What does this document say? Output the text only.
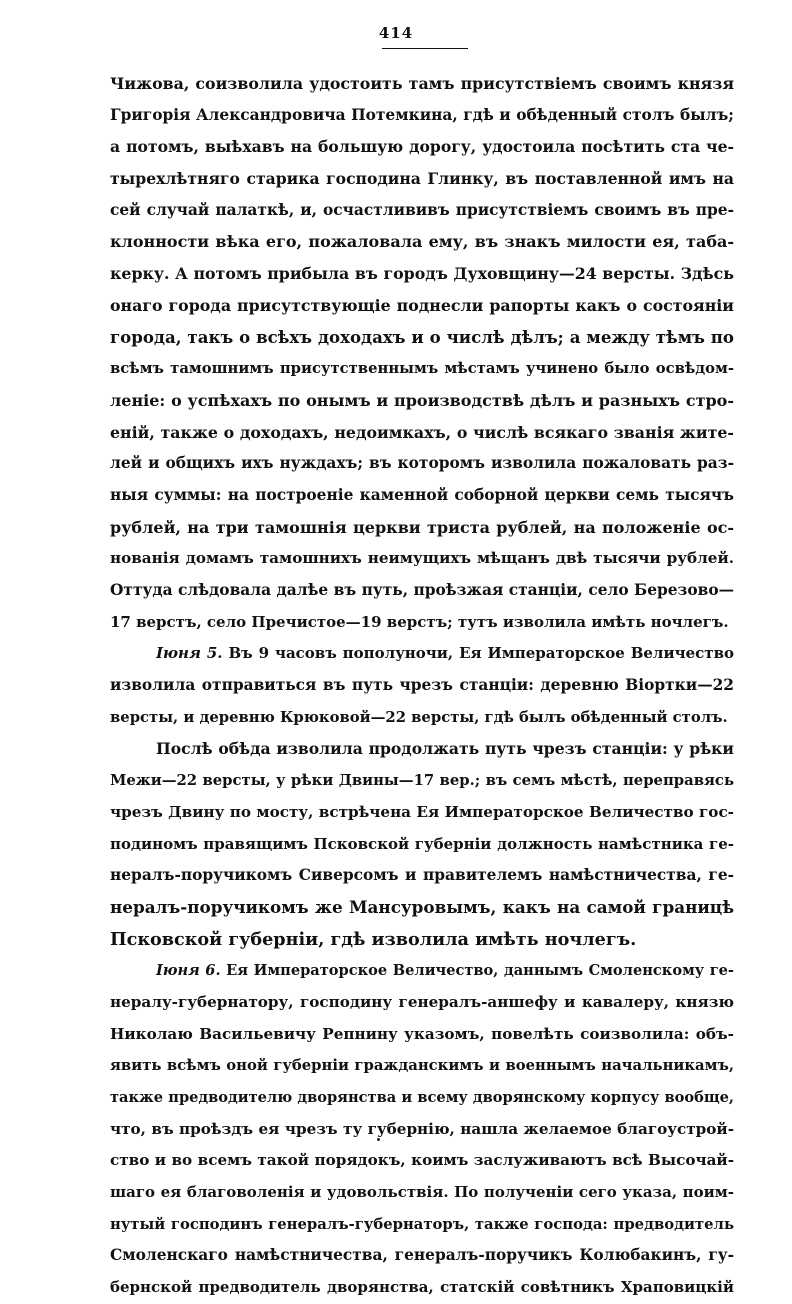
414
Чижова, соизволила удостоить тамъ присутствiемъ своимъ князя
Григорiя Александровича Потемкина, гдѣ и обѣденный столъ былъ;
а потомъ, выѣхавъ на большую дорогу, удостоила посѣтить ста че-
тырехлѣтняго старика господина Глинку, въ поставленной имъ на
сей случай палаткѣ, и, осчастлививъ присутствiемъ своимъ въ пре-
клонности вѣка его, пожаловала ему, въ знакъ милости ея, таба-
керку. А потомъ прибыла въ городъ Духовщину—24 версты. Здѣсь
онаго города присутствующiе поднесли рапорты какъ о состоянiи
города, такъ о всѣхъ доходахъ и о числѣ дѣлъ; а между тѣмъ по
всѣмъ тамошнимъ присутственнымъ мѣстамъ учинено было освѣдом-
ленiе: о успѣхахъ по онымъ и производствѣ дѣлъ и разныхъ стро-
енiй, также о доходахъ, недоимкахъ, о числѣ всякаго званiя жите-
лей и общихъ ихъ нуждахъ; въ которомъ изволила пожаловать раз-
ныя суммы: на построенiе каменной соборной церкви семь тысячъ
рублей, на три тамошнiя церкви триста рублей, на положенiе ос-
нованiя домамъ тамошнихъ неимущихъ мѣщанъ двѣ тысячи рублей.
Оттуда слѣдовала далѣе въ путь, проѣзжая станцiи, село Березово—
17 верстъ, село Пречистое—19 верстъ; тутъ изволила имѣть ночлегъ.
Iюня 5. Въ 9 часовъ пополуночи, Ея Императорское Величество
изволила отправиться въ путь чрезъ станцiи: деревню Вiортки—22
версты, и деревню Крюковой—22 версты, гдѣ былъ обѣденный столъ.
Послѣ обѣда изволила продолжать путь чрезъ станцiи: у рѣки
Межи—22 версты, у рѣки Двины—17 вер.; въ семъ мѣстѣ, переправясь
чрезъ Двину по мосту, встрѣчена Ея Императорское Величество гос-
подиномъ правящимъ Псковской губернiи должность намѣстника ге-
нералъ-поручикомъ Сиверсомъ и правителемъ намѣстничества, ге-
нералъ-поручикомъ же Мансуровымъ, какъ на самой границѣ
Псковской губернiи, гдѣ изволила имѣть ночлегъ.
Iюня 6. Ея Императорское Величество, даннымъ Смоленскому ге-
нералу-губернатору, господину генералъ-аншефу и кавалеру, князю
Николаю Васильевичу Репнину указомъ, повелѣть соизволила: объ-
явить всѣмъ оной губернiи гражданскимъ и военнымъ начальникамъ,
также предводителю дворянства и всему дворянскому корпусу вообще,
что, въ проѣздъ ея чрезъ ту губернiю, нашла желаемое благоустрой-
ство и во всемъ такой порядокъ, коимъ заслуживаютъ всѣ Высочай-
шаго ея благоволенiя и удовольствiя. По полученiи сего указа, поим-
нутый господинъ генералъ-губернаторъ, также господа: предводитель
Смоленскаго намѣстничества, генералъ-поручикъ Колюбакинъ, гу-
бернской предводитель дворянства, статскiй совѣтникъ Храповицкiй
